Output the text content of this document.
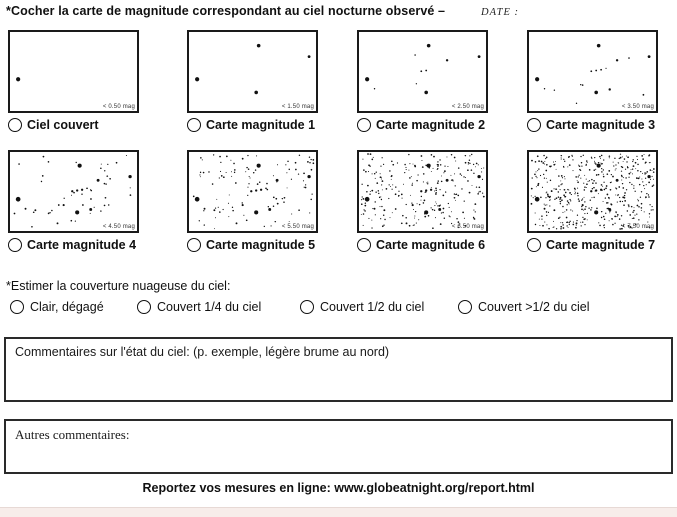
*Cocher la carte de magnitude correspondant au ciel nocturne observé –	DATE :
< 0.50 mag
Ciel couvert
< 1.50 mag
Carte magnitude 1
< 2.50 mag
Carte magnitude 2
< 3.50 mag
Carte magnitude 3
< 4.50 mag
Carte magnitude 4
< 5.50 mag
Carte magnitude 5
< 6.50 mag
Carte magnitude 6
< 7.50 mag
Carte magnitude 7
*Estimer la couverture nuageuse du ciel:
Clair, dégagé	Couvert 1/4 du ciel	Couvert 1/2 du ciel	Couvert >1/2 du ciel
Commentaires sur l'état du ciel: (p. exemple, légère brume au nord)
Autres commentaires:
Reportez vos mesures en ligne: www.globeatnight.org/report.html
